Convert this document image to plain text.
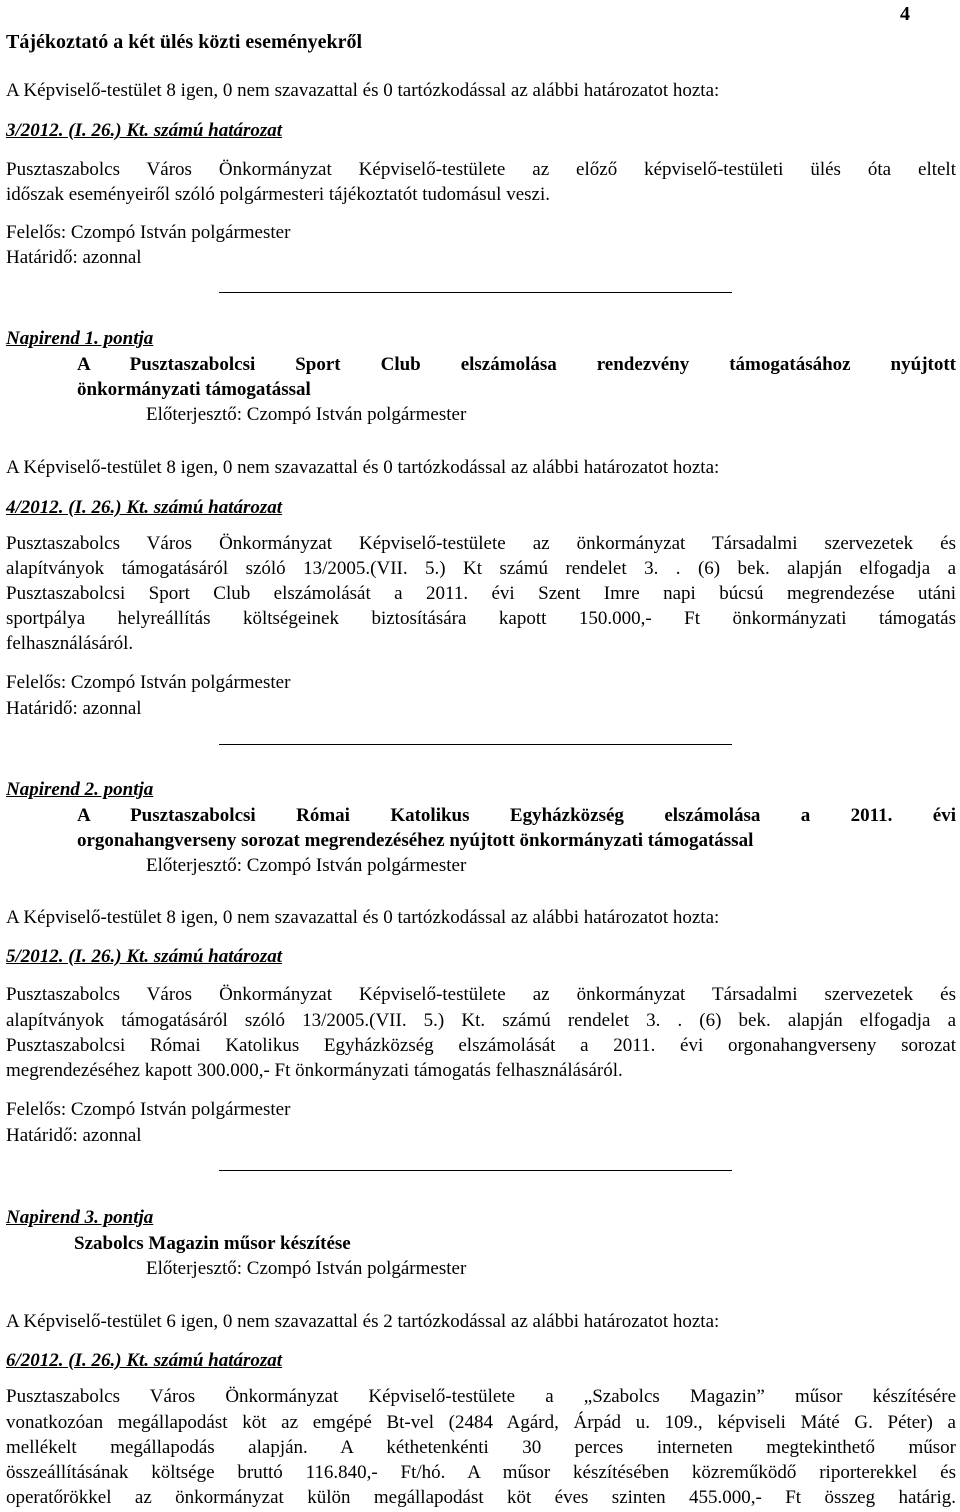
Tájékoztató a két ülés közti eseményekről
4
A Képviselő-testület 8 igen, 0 nem szavazattal és 0 tartózkodással az alábbi határozatot hozta:
3/2012. (I. 26.) Kt. számú határozat
Pusztaszabolcs Város Önkormányzat Képviselő-testülete az előző képviselő-testületi ülés óta eltelt
időszak eseményeiről szóló polgármesteri tájékoztatót tudomásul veszi.
Felelős: Czompó István polgármester
Határidő: azonnal
Napirend 1. pontja
A Pusztaszabolcsi Sport Club elszámolása rendezvény támogatásához nyújtott
önkormányzati támogatással
Előterjesztő: Czompó István polgármester
A Képviselő-testület 8 igen, 0 nem szavazattal és 0 tartózkodással az alábbi határozatot hozta:
4/2012. (I. 26.) Kt. számú határozat
Pusztaszabolcs Város Önkormányzat Képviselő-testülete az önkormányzat Társadalmi szervezetek és
alapítványok támogatásáról szóló 13/2005.(VII. 5.) Kt számú rendelet 3. . (6) bek. alapján elfogadja a
Pusztaszabolcsi Sport Club elszámolását a 2011. évi Szent Imre napi búcsú megrendezése utáni
sportpálya helyreállítás költségeinek biztosítására kapott 150.000,- Ft önkormányzati támogatás
felhasználásáról.
Felelős: Czompó István polgármester
Határidő: azonnal
Napirend 2. pontja
A Pusztaszabolcsi Római Katolikus Egyházközség elszámolása a 2011. évi
orgonahangverseny sorozat megrendezéséhez nyújtott önkormányzati támogatással
Előterjesztő: Czompó István polgármester
A Képviselő-testület 8 igen, 0 nem szavazattal és 0 tartózkodással az alábbi határozatot hozta:
5/2012. (I. 26.) Kt. számú határozat
Pusztaszabolcs Város Önkormányzat Képviselő-testülete az önkormányzat Társadalmi szervezetek és
alapítványok támogatásáról szóló 13/2005.(VII. 5.) Kt. számú rendelet 3. . (6) bek. alapján elfogadja a
Pusztaszabolcsi Római Katolikus Egyházközség elszámolását a 2011. évi orgonahangverseny sorozat
megrendezéséhez kapott 300.000,- Ft önkormányzati támogatás felhasználásáról.
Felelős: Czompó István polgármester
Határidő: azonnal
Napirend 3. pontja
Szabolcs Magazin műsor készítése
Előterjesztő: Czompó István polgármester
A Képviselő-testület 6 igen, 0 nem szavazattal és 2 tartózkodással az alábbi határozatot hozta:
6/2012. (I. 26.) Kt. számú határozat
Pusztaszabolcs Város Önkormányzat Képviselő-testülete a „Szabolcs Magazin” műsor készítésére
vonatkozóan megállapodást köt az emgépé Bt-vel (2484 Agárd, Árpád u. 109., képviseli Máté G. Péter) a
mellékelt megállapodás alapján. A kéthetenkénti 30 perces interneten megtekinthető műsor
összeállításának költsége bruttó 116.840,- Ft/hó. A műsor készítésében közreműködő riporterekkel és
operatőrökkel az önkormányzat külön megállapodást köt éves szinten 455.000,- Ft összeg határig.
